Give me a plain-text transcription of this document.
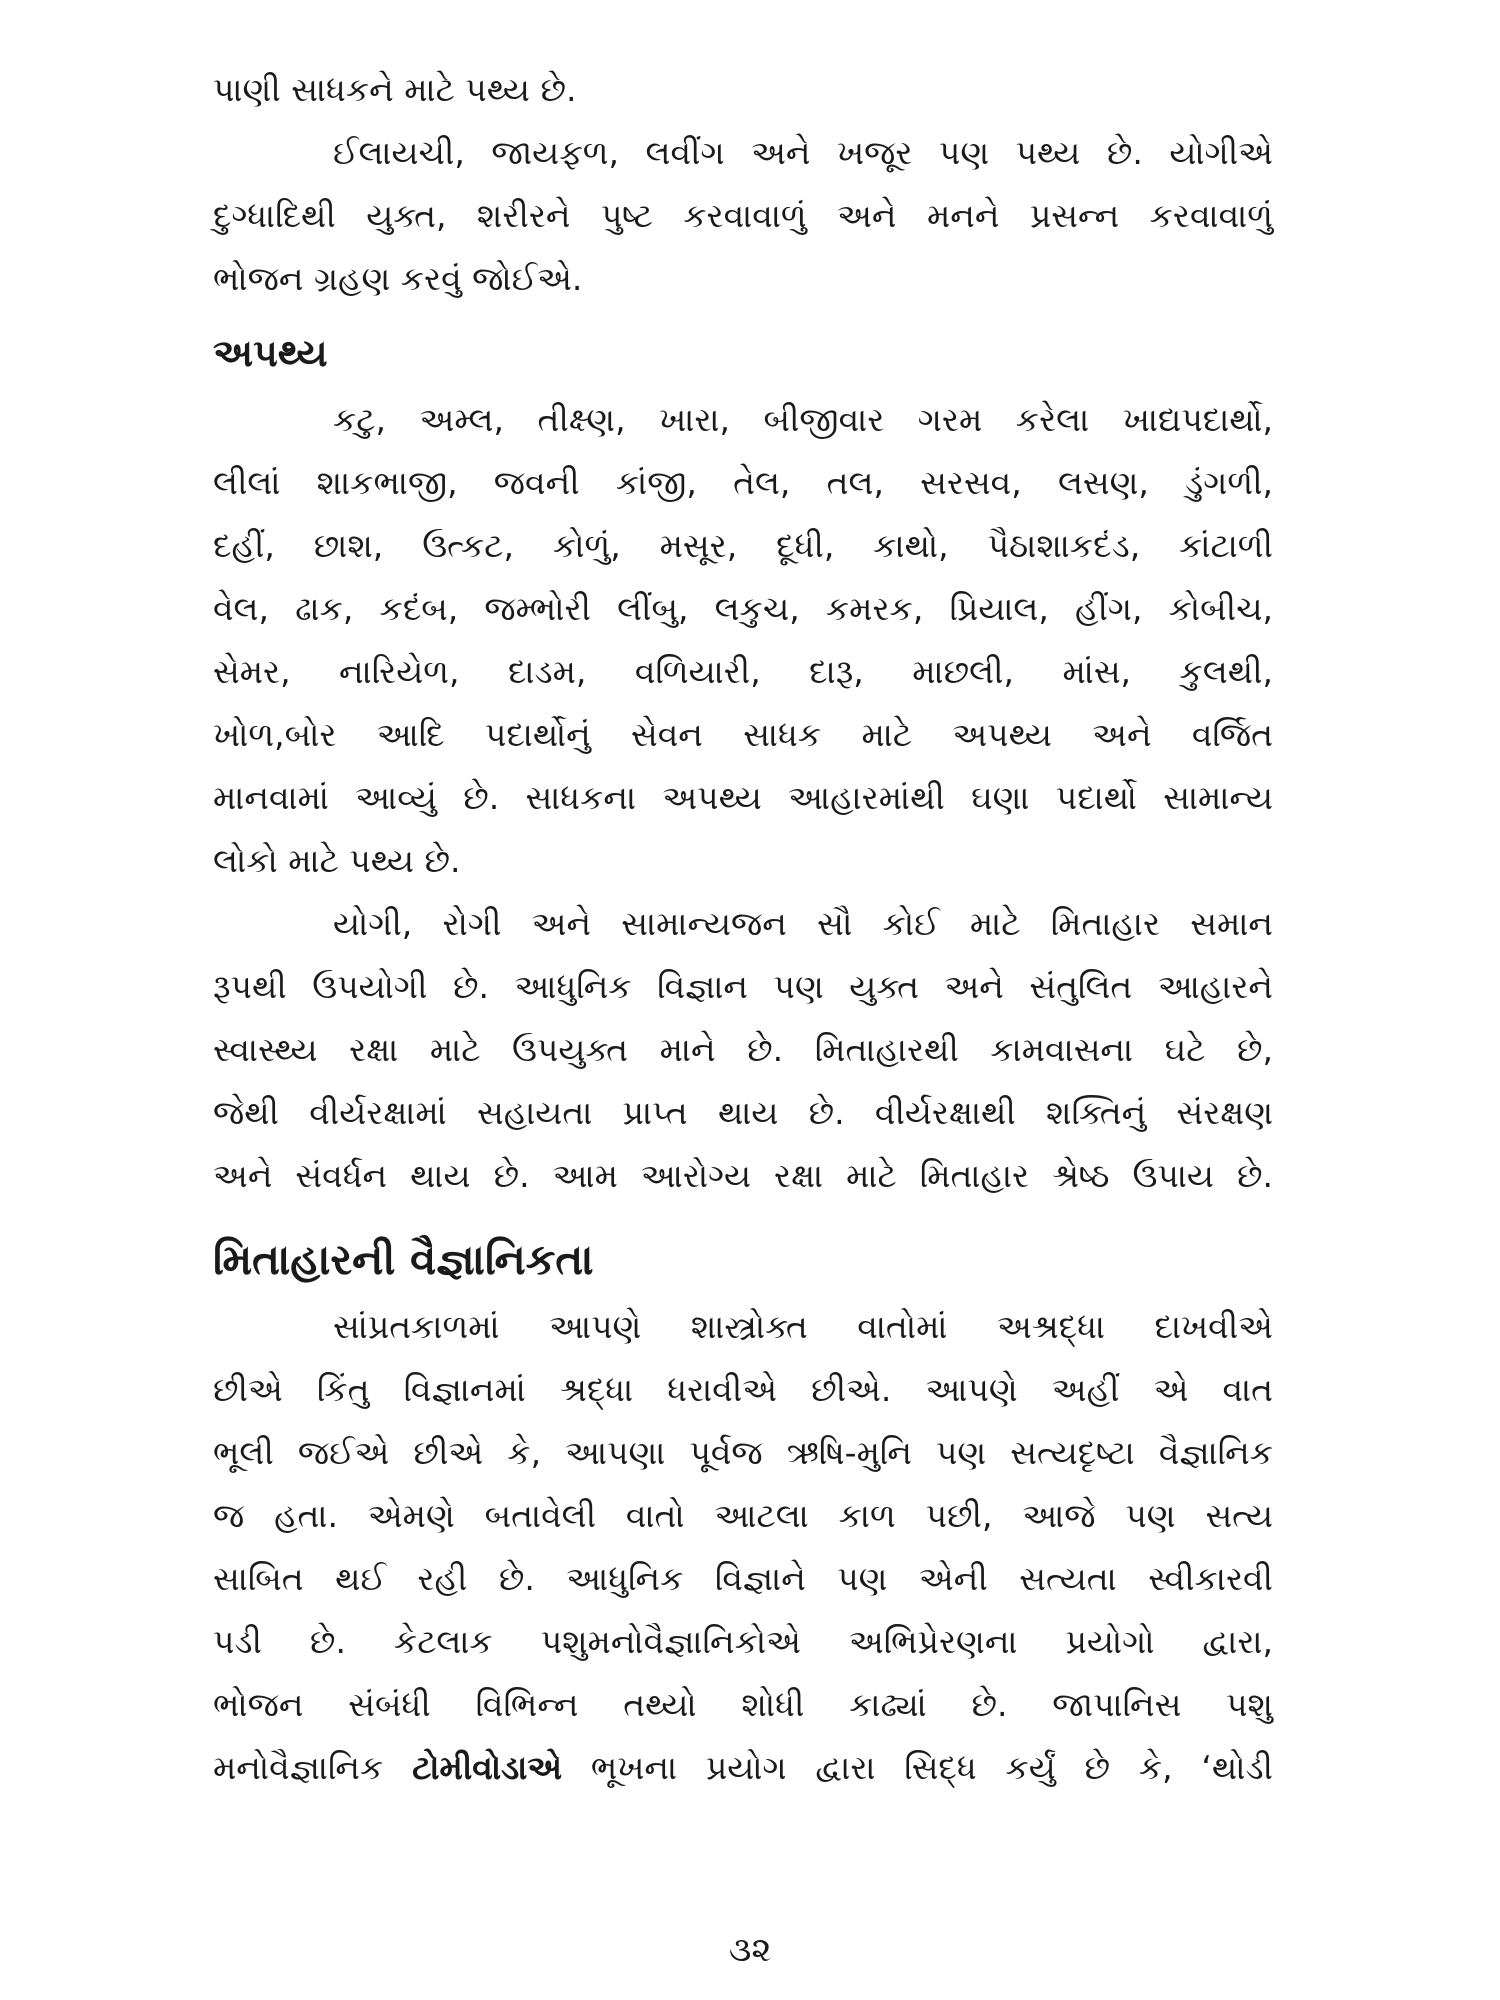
પાણી સાધકને માટે પથ્ય છે.
ઈલાયચી, જાયફળ, લવીંગ અને ખજૂર પણ પથ્ય છે. યોગીએ
દુગ્ધાદિથી યુક્ત, શરીરને પુષ્ટ કરવાવાળું અને મનને પ્રસન્ન કરવાવાળું
ભોજન ગ્રહણ કરવું જોઈએ.
અપથ્ય
કટુ, અમ્લ, તીક્ષ્ણ, ખારા, બીજીવાર ગરમ કરેલા ખાદ્યપદાર્થો,
લીલાં શાકભાજી, જવની કાંજી, તેલ, તલ, સરસવ, લસણ, ડુંગળી,
દહીં, છાશ, ઉત્કટ, કોળું, મસૂર, દૂધી, કાથો, પૈઠાશાકદંડ, કાંટાળી
વેલ, ઢાક, કદંબ, જમ્ભોરી લીંબુ, લકુચ, કમરક, પ્રિયાલ, હીંગ, કોબીચ,
સેમર, નારિયેળ, દાડમ, વળિયારી, દારૂ, માછલી, માંસ, કુલથી,
ખોળ,બોર આદિ પદાર્થોનું સેવન સાધક માટે અપથ્ય અને વર્જિત
માનવામાં આવ્યું છે. સાધકના અપથ્ય આહારમાંથી ઘણા પદાર્થો સામાન્ય
લોકો માટે પથ્ય છે.
યોગી, રોગી અને સામાન્યજન સૌ કોઈ માટે મિતાહાર સમાન
રૂપથી ઉપયોગી છે. આધુનિક વિજ્ઞાન પણ યુક્ત અને સંતુલિત આહારને
સ્વાસ્થ્ય રક્ષા માટે ઉપયુક્ત માને છે. મિતાહારથી કામવાસના ઘટે છે,
જેથી વીર્યરક્ષામાં સહાયતા પ્રાપ્ત થાય છે. વીર્યરક્ષાથી શક્તિનું સંરક્ષણ
અને સંવર્ધન થાય છે. આમ આરોગ્ય રક્ષા માટે મિતાહાર શ્રેષ્ઠ ઉપાય છે.
મિતાહારની વૈજ્ઞાનિકતા
સાંપ્રતકાળમાં આપણે શાસ્ત્રોક્ત વાતોમાં અશ્રદ્ધા દાખવીએ
છીએ કિંતુ વિજ્ઞાનમાં શ્રદ્ધા ધરાવીએ છીએ. આપણે અહીં એ વાત
ભૂલી જઈએ છીએ કે, આપણા પૂર્વજ ઋષિ-મુનિ પણ સત્યદૃષ્ટા વૈજ્ઞાનિક
જ હતા. એમણે બતાવેલી વાતો આટલા કાળ પછી, આજે પણ સત્ય
સાબિત થઈ રહી છે. આધુનિક વિજ્ઞાને પણ એની સત્યતા સ્વીકારવી
પડી છે. કેટલાક પશુમનોવૈજ્ઞાનિકોએ અભિપ્રેરણના પ્રયોગો દ્વારા,
ભોજન સંબંધી વિભિન્ન તથ્યો શોધી કાઢ્યાં છે. જાપાનિસ પશુ
મનોવૈજ્ઞાનિક ટોમીવોડાએ ભૂખના પ્રયોગ દ્વારા સિદ્ધ કર્યું છે કે, ‘થોડી
૩૨
